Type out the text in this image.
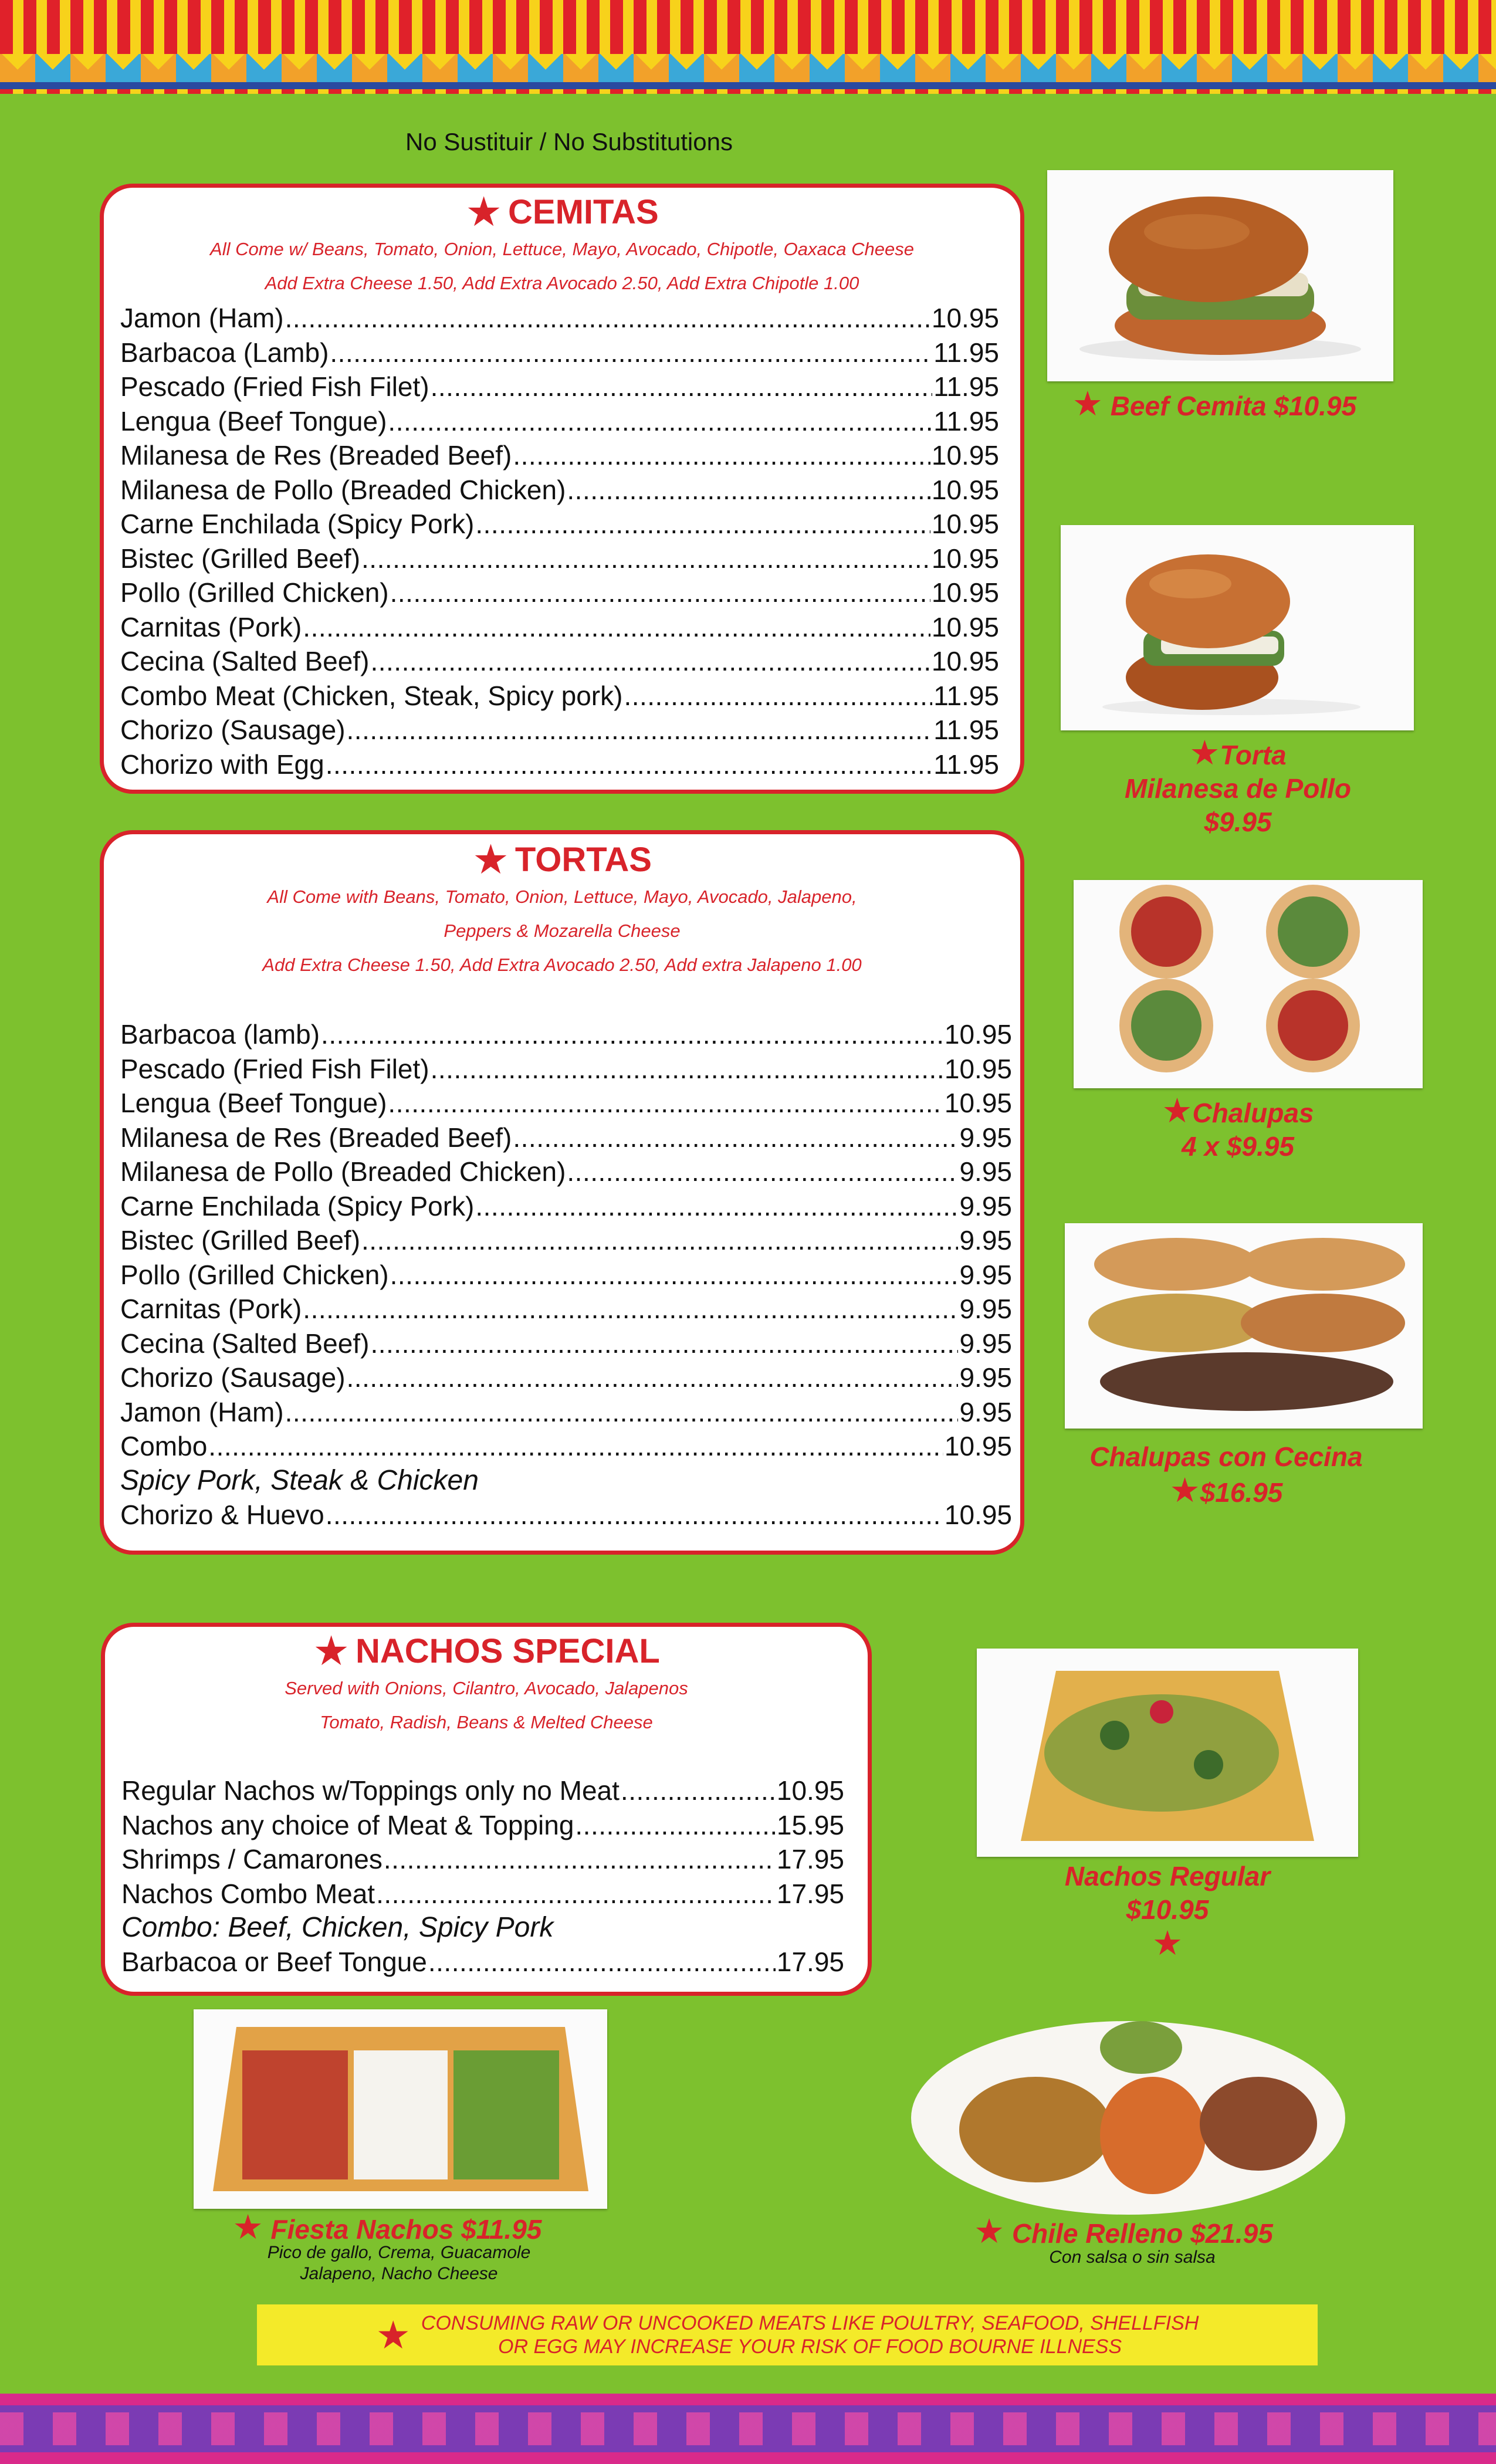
No Sustituir / No Substitutions
★ CEMITAS
All Come w/ Beans, Tomato, Onion, Lettuce, Mayo, Avocado, Chipotle, Oaxaca Cheese
Add Extra Cheese 1.50, Add Extra Avocado 2.50, Add Extra Chipotle 1.00
Jamon (Ham) .....	10.95
Barbacoa (Lamb) .....	11.95
Pescado (Fried Fish Filet) .....	11.95
Lengua (Beef Tongue) .....	11.95
Milanesa de Res (Breaded Beef) .....	10.95
Milanesa de Pollo (Breaded Chicken) .....	10.95
Carne Enchilada (Spicy Pork) .....	10.95
Bistec (Grilled Beef) .....	10.95
Pollo (Grilled Chicken) .....	10.95
Carnitas (Pork) .....	10.95
Cecina (Salted Beef) .....	10.95
Combo Meat (Chicken, Steak, Spicy pork) .....	11.95
Chorizo (Sausage) .....	11.95
Chorizo with Egg .....	11.95
★ TORTAS
All Come with Beans, Tomato, Onion, Lettuce, Mayo, Avocado, Jalapeno,
Peppers & Mozarella Cheese
Add Extra Cheese 1.50, Add Extra Avocado 2.50, Add extra Jalapeno 1.00
Barbacoa (lamb) .....	10.95
Pescado (Fried Fish Filet) .....	10.95
Lengua (Beef Tongue) .....	10.95
Milanesa de Res (Breaded Beef) .....	9.95
Milanesa de Pollo (Breaded Chicken) .....	9.95
Carne Enchilada (Spicy Pork) .....	9.95
Bistec (Grilled Beef) .....	9.95
Pollo (Grilled Chicken) .....	9.95
Carnitas (Pork) .....	9.95
Cecina (Salted Beef) .....	9.95
Chorizo (Sausage) .....	9.95
Jamon (Ham) .....	9.95
Combo .....	10.95
Spicy Pork, Steak & Chicken
Chorizo & Huevo .....	10.95
★ NACHOS SPECIAL
Served with Onions, Cilantro, Avocado, Jalapenos
Tomato, Radish, Beans & Melted Cheese
Regular Nachos w/Toppings only no Meat .....	10.95
Nachos any choice of Meat & Topping .....	15.95
Shrimps / Camarones .....	17.95
Nachos Combo Meat .....	17.95
Combo: Beef, Chicken, Spicy Pork
Barbacoa or Beef Tongue .....	17.95
★ Beef Cemita $10.95
★Torta
Milanesa de Pollo
$9.95
★Chalupas
4 x $9.95
Chalupas con Cecina
★$16.95
Nachos Regular
$10.95
★
★ Fiesta Nachos $11.95
Pico de gallo, Crema, Guacamole
Jalapeno, Nacho Cheese
★ Chile Relleno $21.95
Con salsa o sin salsa
★ CONSUMING RAW OR UNCOOKED MEATS LIKE POULTRY, SEAFOOD, SHELLFISH
OR EGG MAY INCREASE YOUR RISK OF FOOD BOURNE ILLNESS
